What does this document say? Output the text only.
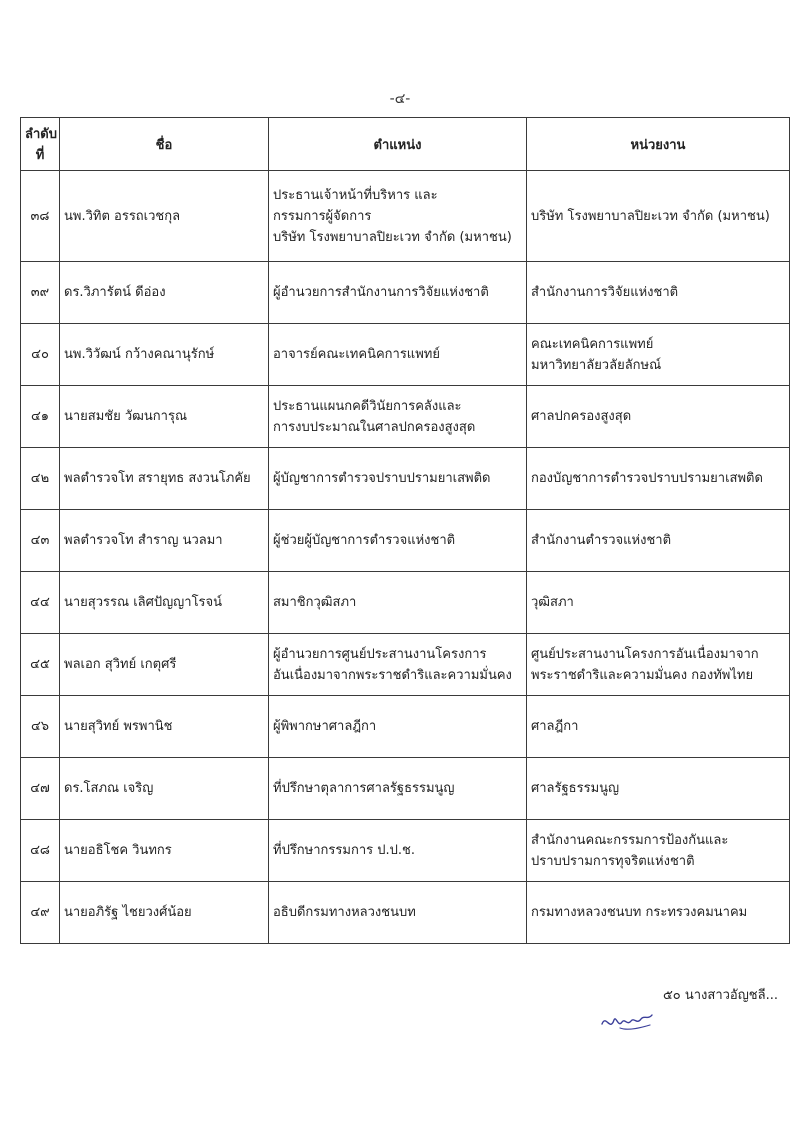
-๔-
ลำดับที่	ชื่อ	ตำแหน่ง	หน่วยงาน
๓๘	นพ.วิทิต อรรถเวชกุล	ประธานเจ้าหน้าที่บริหาร และ
กรรมการผู้จัดการ
บริษัท โรงพยาบาลปิยะเวท จำกัด (มหาชน)	บริษัท โรงพยาบาลปิยะเวท จำกัด (มหาชน)

๓๙	ดร.วิภารัตน์ ดีอ่อง	ผู้อำนวยการสำนักงานการวิจัยแห่งชาติ	สำนักงานการวิจัยแห่งชาติ

๔๐	นพ.วิวัฒน์ กว้างคณานุรักษ์	อาจารย์คณะเทคนิคการแพทย์	คณะเทคนิคการแพทย์
มหาวิทยาลัยวลัยลักษณ์

๔๑	นายสมชัย วัฒนการุณ	ประธานแผนกคดีวินัยการคลังและ
การงบประมาณในศาลปกครองสูงสุด	ศาลปกครองสูงสุด

๔๒	พลตำรวจโท สรายุทธ สงวนโภคัย	ผู้บัญชาการตำรวจปราบปรามยาเสพติด	กองบัญชาการตำรวจปราบปรามยาเสพติด

๔๓	พลตำรวจโท สำราญ นวลมา	ผู้ช่วยผู้บัญชาการตำรวจแห่งชาติ	สำนักงานตำรวจแห่งชาติ

๔๔	นายสุวรรณ เลิศปัญญาโรจน์	สมาชิกวุฒิสภา	วุฒิสภา

๔๕	พลเอก สุวิทย์ เกตุศรี	ผู้อำนวยการศูนย์ประสานงานโครงการ
อันเนื่องมาจากพระราชดำริและความมั่นคง	ศูนย์ประสานงานโครงการอันเนื่องมาจาก
พระราชดำริและความมั่นคง กองทัพไทย

๔๖	นายสุวิทย์ พรพานิช	ผู้พิพากษาศาลฎีกา	ศาลฎีกา

๔๗	ดร.โสภณ เจริญ	ที่ปรึกษาตุลาการศาลรัฐธรรมนูญ	ศาลรัฐธรรมนูญ

๔๘	นายอธิโชค วินทกร	ที่ปรึกษากรรมการ ป.ป.ช.	สำนักงานคณะกรรมการป้องกันและ
ปราบปรามการทุจริตแห่งชาติ

๔๙	นายอภิรัฐ ไชยวงศ์น้อย	อธิบดีกรมทางหลวงชนบท	กรมทางหลวงชนบท กระทรวงคมนาคม
๕๐ นางสาวอัญชลี...
